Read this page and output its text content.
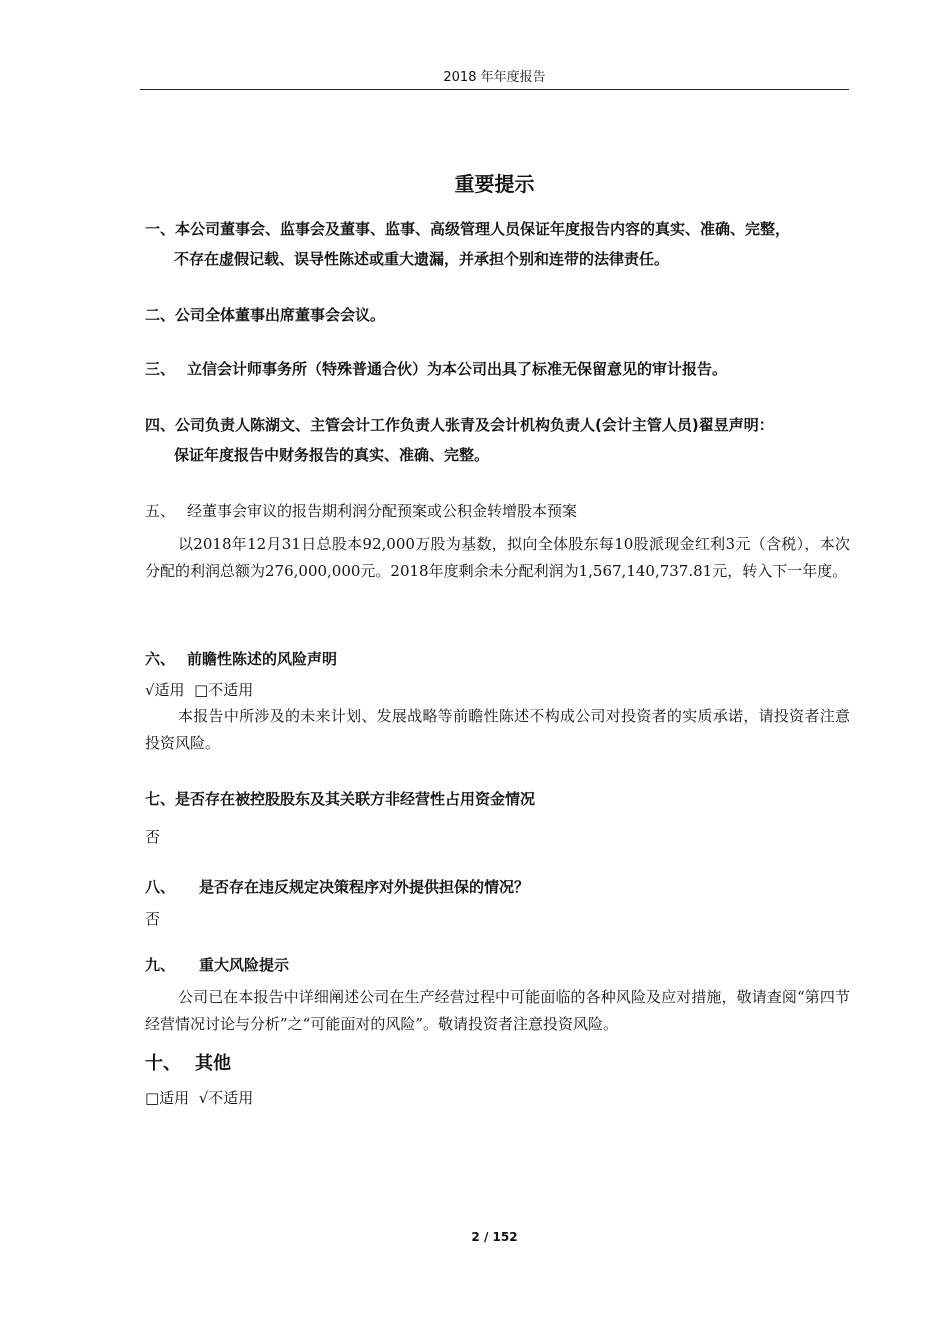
2018 年年度报告
重要提示
一、本公司董事会、监事会及董事、监事、高级管理人员保证年度报告内容的真实、准确、完整，
不存在虚假记载、误导性陈述或重大遗漏，并承担个别和连带的法律责任。
二、公司全体董事出席董事会会议。
三、 立信会计师事务所（特殊普通合伙）为本公司出具了标准无保留意见的审计报告。
四、公司负责人陈湖文、主管会计工作负责人张青及会计机构负责人(会计主管人员)翟昱声明：
保证年度报告中财务报告的真实、准确、完整。
五、 经董事会审议的报告期利润分配预案或公积金转增股本预案
以2018年12月31日总股本92,000万股为基数，拟向全体股东每10股派现金红利3元（含税），本次分配的利润总额为276,000,000元。2018年度剩余未分配利润为1,567,140,737.81元，转入下一年度。
六、 前瞻性陈述的风险声明
√适用  □不适用
本报告中所涉及的未来计划、发展战略等前瞻性陈述不构成公司对投资者的实质承诺，请投资者注意投资风险。
七、是否存在被控股股东及其关联方非经营性占用资金情况
否
八、 是否存在违反规定决策程序对外提供担保的情况？
否
九、 重大风险提示
公司已在本报告中详细阐述公司在生产经营过程中可能面临的各种风险及应对措施，敬请查阅“第四节经营情况讨论与分析”之“可能面对的风险”。敬请投资者注意投资风险。
十、 其他
□适用  √不适用
2 / 152
